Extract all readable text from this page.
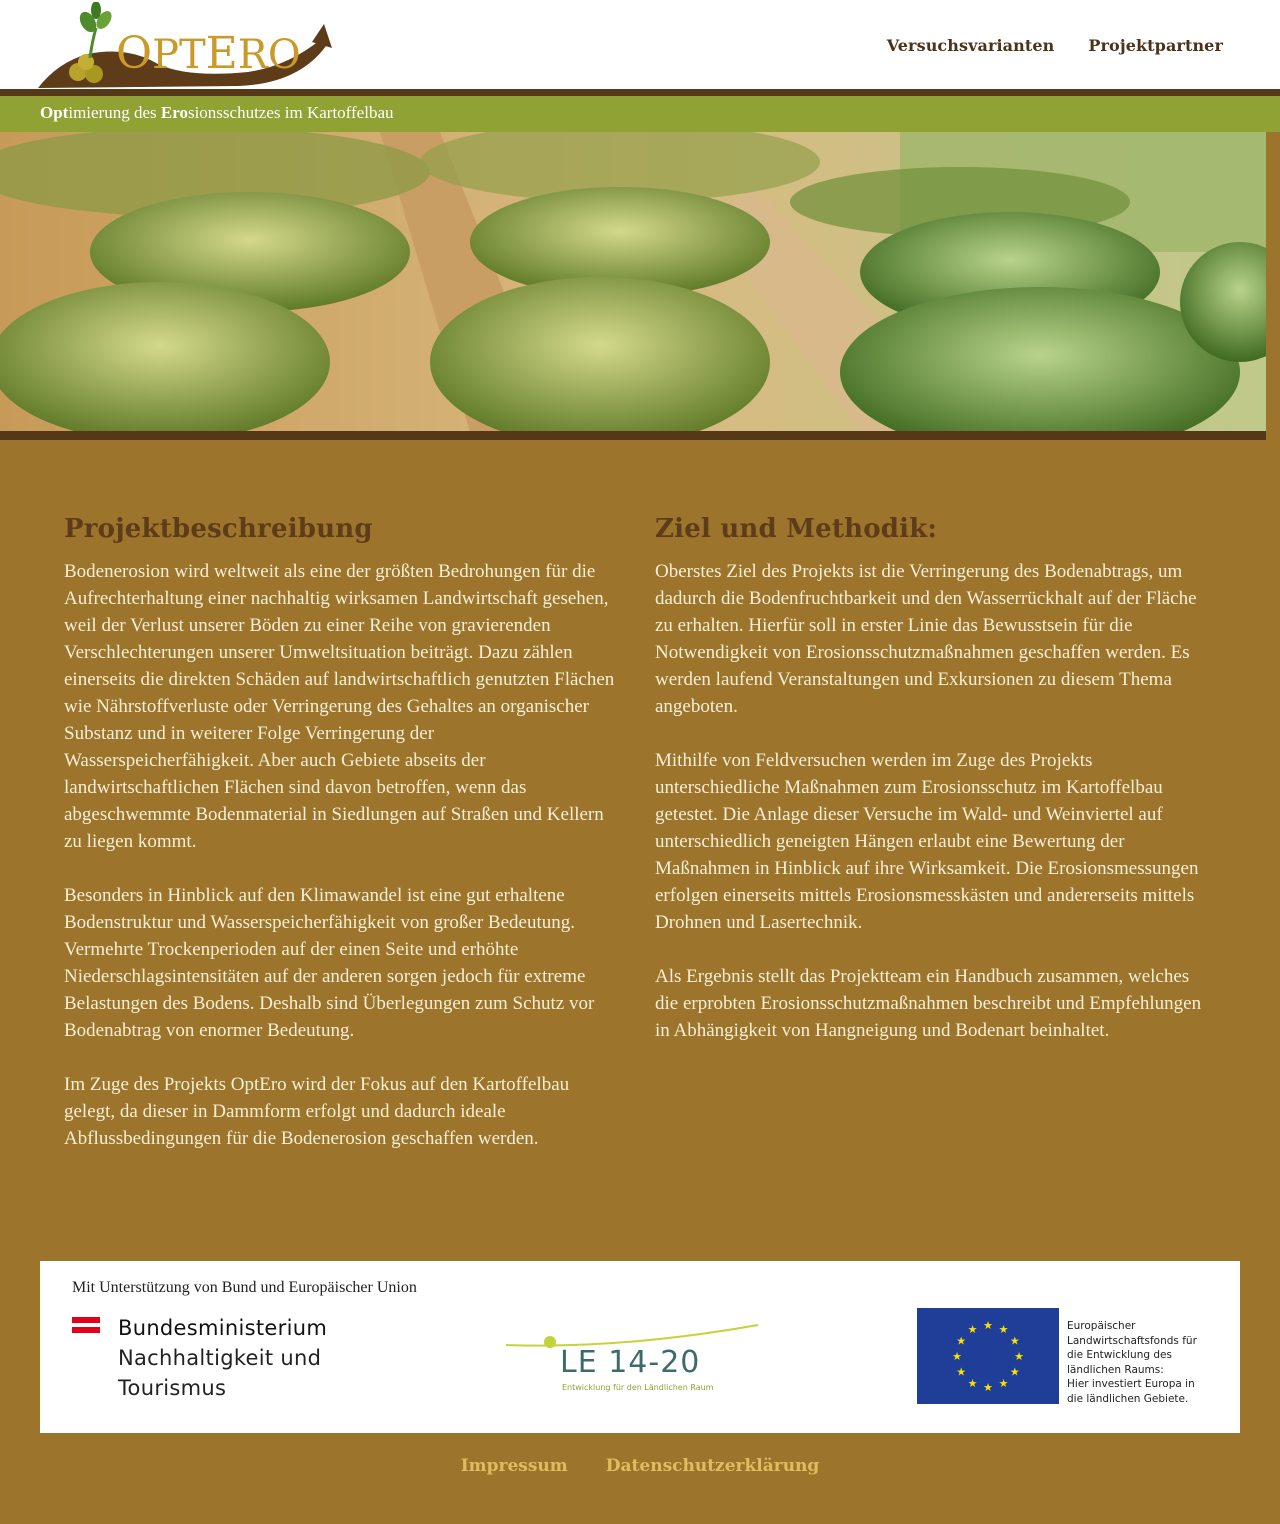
OPTERO	Versuchsvarianten Projektpartner
Optimierung des Erosionsschutzes im Kartoffelbau
Projektbeschreibung

Bodenerosion wird weltweit als eine der größten Bedrohungen für die Aufrechterhaltung einer nachhaltig wirksamen Landwirtschaft gesehen, weil der Verlust unserer Böden zu einer Reihe von gravierenden Verschlechterungen unserer Umweltsituation beiträgt. Dazu zählen einerseits die direkten Schäden auf landwirtschaftlich genutzten Flächen wie Nährstoffverluste oder Verringerung des Gehaltes an organischer Substanz und in weiterer Folge Verringerung der Wasserspeicherfähigkeit. Aber auch Gebiete abseits der landwirtschaftlichen Flächen sind davon betroffen, wenn das abgeschwemmte Bodenmaterial in Siedlungen auf Straßen und Kellern zu liegen kommt.

Besonders in Hinblick auf den Klimawandel ist eine gut erhaltene Bodenstruktur und Wasserspeicherfähigkeit von großer Bedeutung. Vermehrte Trockenperioden auf der einen Seite und erhöhte Niederschlagsintensitäten auf der anderen sorgen jedoch für extreme Belastungen des Bodens. Deshalb sind Überlegungen zum Schutz vor Bodenabtrag von enormer Bedeutung.

Im Zuge des Projekts OptEro wird der Fokus auf den Kartoffelbau gelegt, da dieser in Dammform erfolgt und dadurch ideale Abflussbedingungen für die Bodenerosion geschaffen werden.

Ziel und Methodik:

Oberstes Ziel des Projekts ist die Verringerung des Bodenabtrags, um dadurch die Bodenfruchtbarkeit und den Wasserrückhalt auf der Fläche zu erhalten. Hierfür soll in erster Linie das Bewusstsein für die Notwendigkeit von Erosionsschutzmaßnahmen geschaffen werden. Es werden laufend Veranstaltungen und Exkursionen zu diesem Thema angeboten.

Mithilfe von Feldversuchen werden im Zuge des Projekts unterschiedliche Maßnahmen zum Erosionsschutz im Kartoffelbau getestet. Die Anlage dieser Versuche im Wald- und Weinviertel auf unterschiedlich geneigten Hängen erlaubt eine Bewertung der Maßnahmen in Hinblick auf ihre Wirksamkeit. Die Erosionsmessungen erfolgen einerseits mittels Erosionsmesskästen und andererseits mittels Drohnen und Lasertechnik.

Als Ergebnis stellt das Projektteam ein Handbuch zusammen, welches die erprobten Erosionsschutzmaßnahmen beschreibt und Empfehlungen in Abhängigkeit von Hangneigung und Bodenart beinhaltet.

Mit Unterstützung von Bund und Europäischer Union
Bundesministerium
Nachhaltigkeit und
Tourismus
LE 14-20
Entwicklung für den Ländlichen Raum
★ ★
★
★
★
★
★
★
★
★
★
★	Europäischer
Landwirtschaftsfonds für
die Entwicklung des
ländlichen Raums:
Hier investiert Europa in
die ländlichen Gebiete.
Impressum Datenschutzerklärung
